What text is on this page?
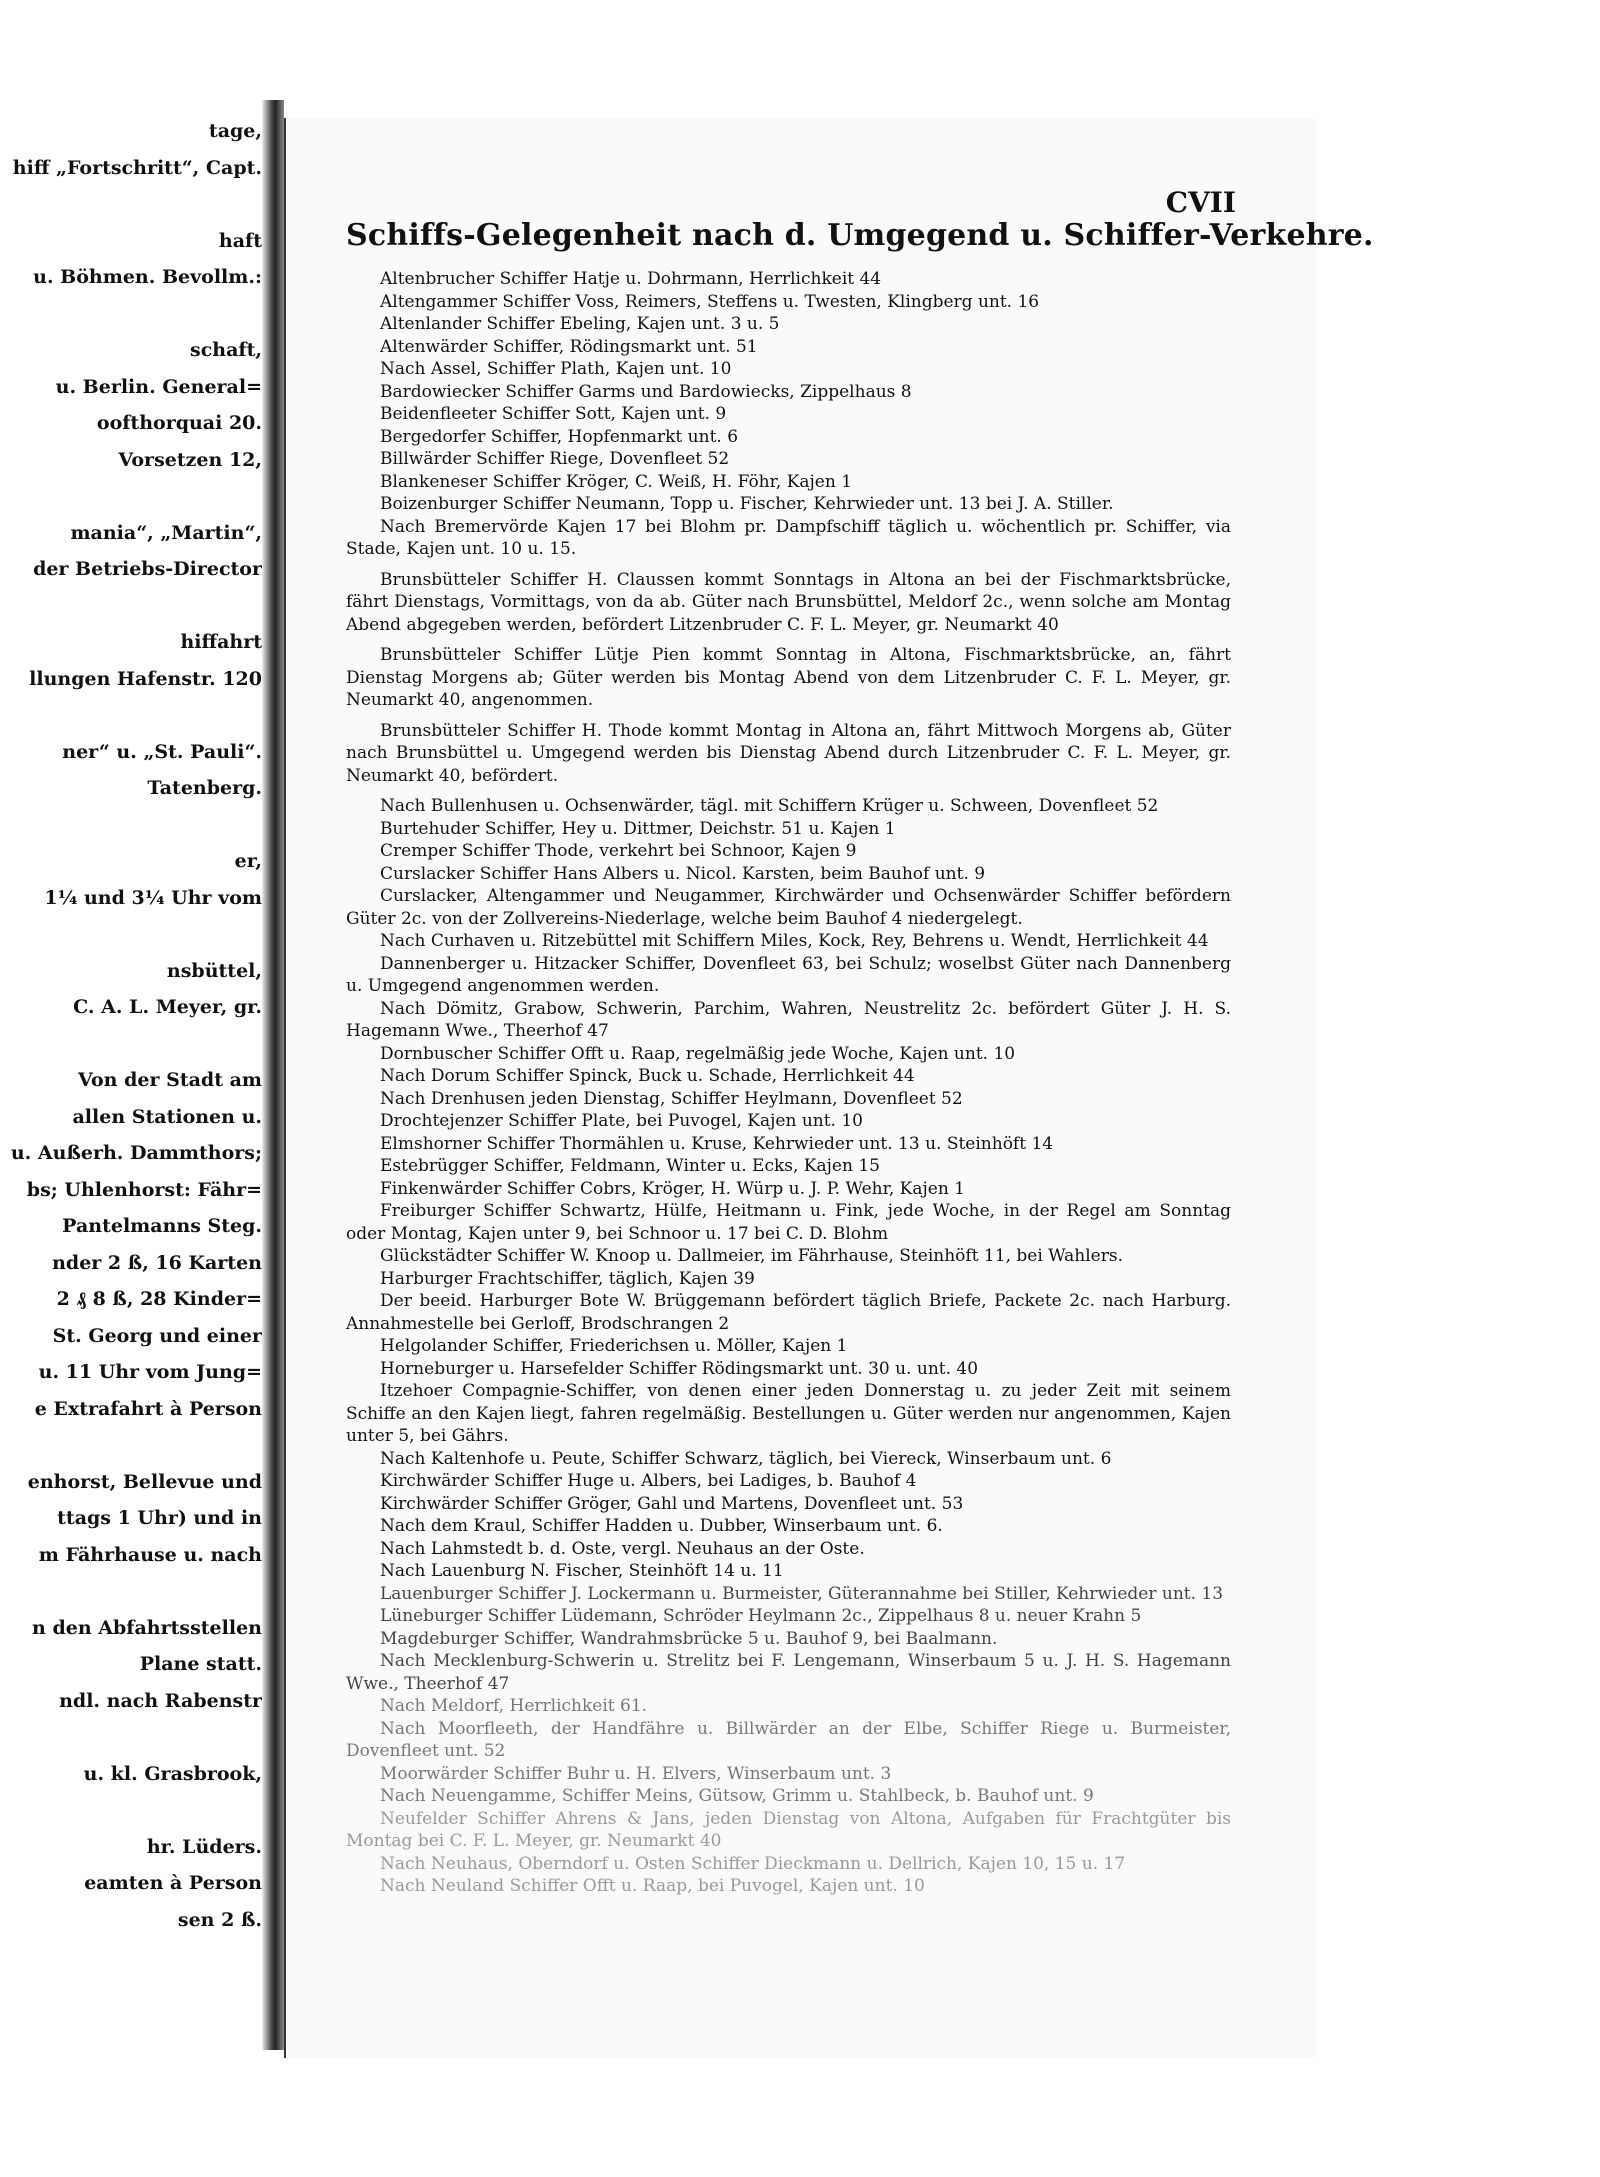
tage,
hiff „Fortschritt“, Capt.
haft
u. Böhmen. Bevollm.:
schaft,
u. Berlin. General=
oofthorquai 20.
Vorsetzen 12,
mania“, „Martin“,
der Betriebs-Director
hiffahrt
llungen Hafenstr. 120
ner“ u. „St. Pauli“.
Tatenberg.
er,
1¼ und 3¼ Uhr vom
nsbüttel,
C. A. L. Meyer, gr.
Von der Stadt am
allen Stationen u.
u. Außerh. Dammthors;
bs; Uhlenhorst: Fähr=
Pantelmanns Steg.
nder 2 ß, 16 Karten
2 ₰ 8 ß, 28 Kinder=
St. Georg und einer
u. 11 Uhr vom Jung=
e Extrafahrt à Person
enhorst, Bellevue und
ttags 1 Uhr) und in
m Fährhause u. nach
n den Abfahrtsstellen
Plane statt.
ndl. nach Rabenstr
u. kl. Grasbrook,
hr. Lüders.
eamten à Person
sen 2 ß.
CVII
Schiffs-Gelegenheit nach d. Umgegend u. Schiffer-Verkehre.

Altenbrucher Schiffer Hatje u. Dohrmann, Herrlichkeit 44

Altengammer Schiffer Voss, Reimers, Steffens u. Twesten, Klingberg unt. 16

Altenlander Schiffer Ebeling, Kajen unt. 3 u. 5

Altenwärder Schiffer, Rödingsmarkt unt. 51

Nach Assel, Schiffer Plath, Kajen unt. 10

Bardowiecker Schiffer Garms und Bardowiecks, Zippelhaus 8

Beidenfleeter Schiffer Sott, Kajen unt. 9

Bergedorfer Schiffer, Hopfenmarkt unt. 6

Billwärder Schiffer Riege, Dovenfleet 52

Blankeneser Schiffer Kröger, C. Weiß, H. Föhr, Kajen 1

Boizenburger Schiffer Neumann, Topp u. Fischer, Kehrwieder unt. 13 bei J. A. Stiller.

Nach Bremervörde Kajen 17 bei Blohm pr. Dampfschiff täglich u. wöchentlich pr. Schiffer, via Stade, Kajen unt. 10 u. 15.

Brunsbütteler Schiffer H. Claussen kommt Sonntags in Altona an bei der Fischmarktsbrücke, fährt Dienstags, Vormittags, von da ab. Güter nach Brunsbüttel, Meldorf 2c., wenn solche am Montag Abend abgegeben werden, befördert Litzenbruder C. F. L. Meyer, gr. Neumarkt 40

Brunsbütteler Schiffer Lütje Pien kommt Sonntag in Altona, Fischmarktsbrücke, an, fährt Dienstag Morgens ab; Güter werden bis Montag Abend von dem Litzenbruder C. F. L. Meyer, gr. Neumarkt 40, angenommen.

Brunsbütteler Schiffer H. Thode kommt Montag in Altona an, fährt Mittwoch Morgens ab, Güter nach Brunsbüttel u. Umgegend werden bis Dienstag Abend durch Litzenbruder C. F. L. Meyer, gr. Neumarkt 40, befördert.

Nach Bullenhusen u. Ochsenwärder, tägl. mit Schiffern Krüger u. Schween, Dovenfleet 52

Burtehuder Schiffer, Hey u. Dittmer, Deichstr. 51 u. Kajen 1

Cremper Schiffer Thode, verkehrt bei Schnoor, Kajen 9

Curslacker Schiffer Hans Albers u. Nicol. Karsten, beim Bauhof unt. 9

Curslacker, Altengammer und Neugammer, Kirchwärder und Ochsenwärder Schiffer befördern Güter 2c. von der Zollvereins-Niederlage, welche beim Bauhof 4 niedergelegt.

Nach Curhaven u. Ritzebüttel mit Schiffern Miles, Kock, Rey, Behrens u. Wendt, Herrlichkeit 44

Dannenberger u. Hitzacker Schiffer, Dovenfleet 63, bei Schulz; woselbst Güter nach Dannenberg u. Umgegend angenommen werden.

Nach Dömitz, Grabow, Schwerin, Parchim, Wahren, Neustrelitz 2c. befördert Güter J. H. S. Hagemann Wwe., Theerhof 47

Dornbuscher Schiffer Offt u. Raap, regelmäßig jede Woche, Kajen unt. 10

Nach Dorum Schiffer Spinck, Buck u. Schade, Herrlichkeit 44

Nach Drenhusen jeden Dienstag, Schiffer Heylmann, Dovenfleet 52

Drochtejenzer Schiffer Plate, bei Puvogel, Kajen unt. 10

Elmshorner Schiffer Thormählen u. Kruse, Kehrwieder unt. 13 u. Steinhöft 14

Estebrügger Schiffer, Feldmann, Winter u. Ecks, Kajen 15

Finkenwärder Schiffer Cobrs, Kröger, H. Würp u. J. P. Wehr, Kajen 1

Freiburger Schiffer Schwartz, Hülfe, Heitmann u. Fink, jede Woche, in der Regel am Sonntag oder Montag, Kajen unter 9, bei Schnoor u. 17 bei C. D. Blohm

Glückstädter Schiffer W. Knoop u. Dallmeier, im Fährhause, Steinhöft 11, bei Wahlers.

Harburger Frachtschiffer, täglich, Kajen 39

Der beeid. Harburger Bote W. Brüggemann befördert täglich Briefe, Packete 2c. nach Harburg. Annahmestelle bei Gerloff, Brodschrangen 2

Helgolander Schiffer, Friederichsen u. Möller, Kajen 1

Horneburger u. Harsefelder Schiffer Rödingsmarkt unt. 30 u. unt. 40

Itzehoer Compagnie-Schiffer, von denen einer jeden Donnerstag u. zu jeder Zeit mit seinem Schiffe an den Kajen liegt, fahren regelmäßig. Bestellungen u. Güter werden nur angenommen, Kajen unter 5, bei Gährs.

Nach Kaltenhofe u. Peute, Schiffer Schwarz, täglich, bei Viereck, Winserbaum unt. 6

Kirchwärder Schiffer Huge u. Albers, bei Ladiges, b. Bauhof 4

Kirchwärder Schiffer Gröger, Gahl und Martens, Dovenfleet unt. 53

Nach dem Kraul, Schiffer Hadden u. Dubber, Winserbaum unt. 6.

Nach Lahmstedt b. d. Oste, vergl. Neuhaus an der Oste.

Nach Lauenburg N. Fischer, Steinhöft 14 u. 11

Lauenburger Schiffer J. Lockermann u. Burmeister, Güterannahme bei Stiller, Kehrwieder unt. 13

Lüneburger Schiffer Lüdemann, Schröder Heylmann 2c., Zippelhaus 8 u. neuer Krahn 5

Magdeburger Schiffer, Wandrahmsbrücke 5 u. Bauhof 9, bei Baalmann.

Nach Mecklenburg-Schwerin u. Strelitz bei F. Lengemann, Winserbaum 5 u. J. H. S. Hagemann Wwe., Theerhof 47

Nach Meldorf, Herrlichkeit 61.

Nach Moorfleeth, der Handfähre u. Billwärder an der Elbe, Schiffer Riege u. Burmeister, Dovenfleet unt. 52

Moorwärder Schiffer Buhr u. H. Elvers, Winserbaum unt. 3

Nach Neuengamme, Schiffer Meins, Gütsow, Grimm u. Stahlbeck, b. Bauhof unt. 9

Neufelder Schiffer Ahrens & Jans, jeden Dienstag von Altona, Aufgaben für Frachtgüter bis Montag bei C. F. L. Meyer, gr. Neumarkt 40

Nach Neuhaus, Oberndorf u. Osten Schiffer Dieckmann u. Dellrich, Kajen 10, 15 u. 17

Nach Neuland Schiffer Offt u. Raap, bei Puvogel, Kajen unt. 10
